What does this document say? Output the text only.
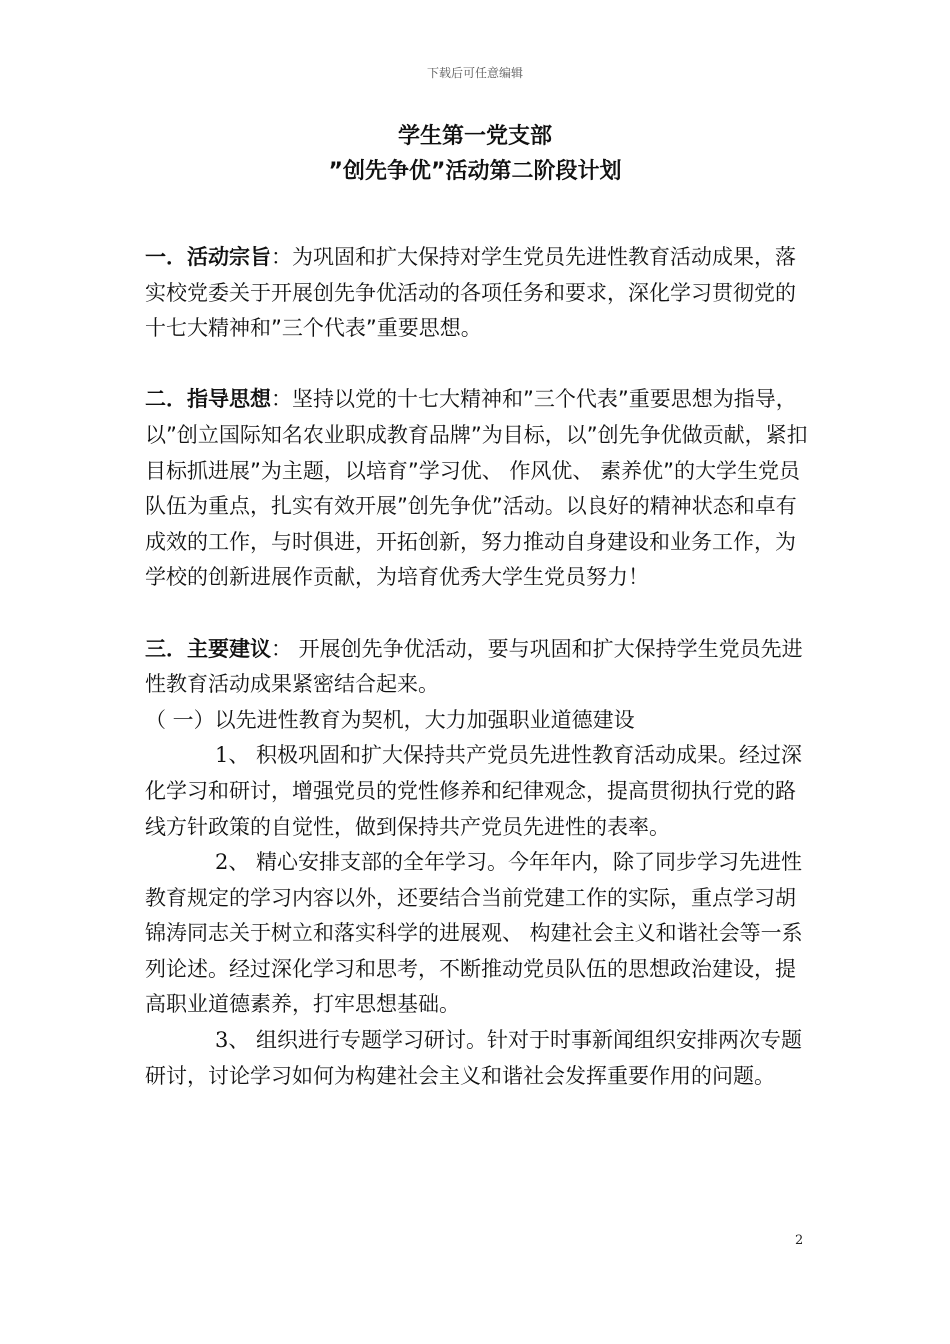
下载后可任意编辑
学生第一党支部
”创先争优”活动第二阶段计划

一．活动宗旨：为巩固和扩大保持对学生党员先进性教育活动成果，落实校党委关于开展创先争优活动的各项任务和要求，深化学习贯彻党的十七大精神和”三个代表”重要思想。

二．指导思想：坚持以党的十七大精神和”三个代表”重要思想为指导，以”创立国际知名农业职成教育品牌”为目标，以”创先争优做贡献，紧扣目标抓进展”为主题，以培育”学习优、 作风优、 素养优”的大学生党员队伍为重点，扎实有效开展”创先争优”活动。以良好的精神状态和卓有成效的工作，与时俱进，开拓创新，努力推动自身建设和业务工作，为学校的创新进展作贡献，为培育优秀大学生党员努力！

三．主要建议： 开展创先争优活动，要与巩固和扩大保持学生党员先进性教育活动成果紧密结合起来。

（ 一）以先进性教育为契机，大力加强职业道德建设

1、 积极巩固和扩大保持共产党员先进性教育活动成果。经过深化学习和研讨，增强党员的党性修养和纪律观念，提高贯彻执行党的路线方针政策的自觉性，做到保持共产党员先进性的表率。

2、 精心安排支部的全年学习。今年年内，除了同步学习先进性教育规定的学习内容以外，还要结合当前党建工作的实际，重点学习胡锦涛同志关于树立和落实科学的进展观、 构建社会主义和谐社会等一系列论述。经过深化学习和思考，不断推动党员队伍的思想政治建设，提高职业道德素养，打牢思想基础。

3、 组织进行专题学习研讨。针对于时事新闻组织安排两次专题研讨，讨论学习如何为构建社会主义和谐社会发挥重要作用的问题。

2
